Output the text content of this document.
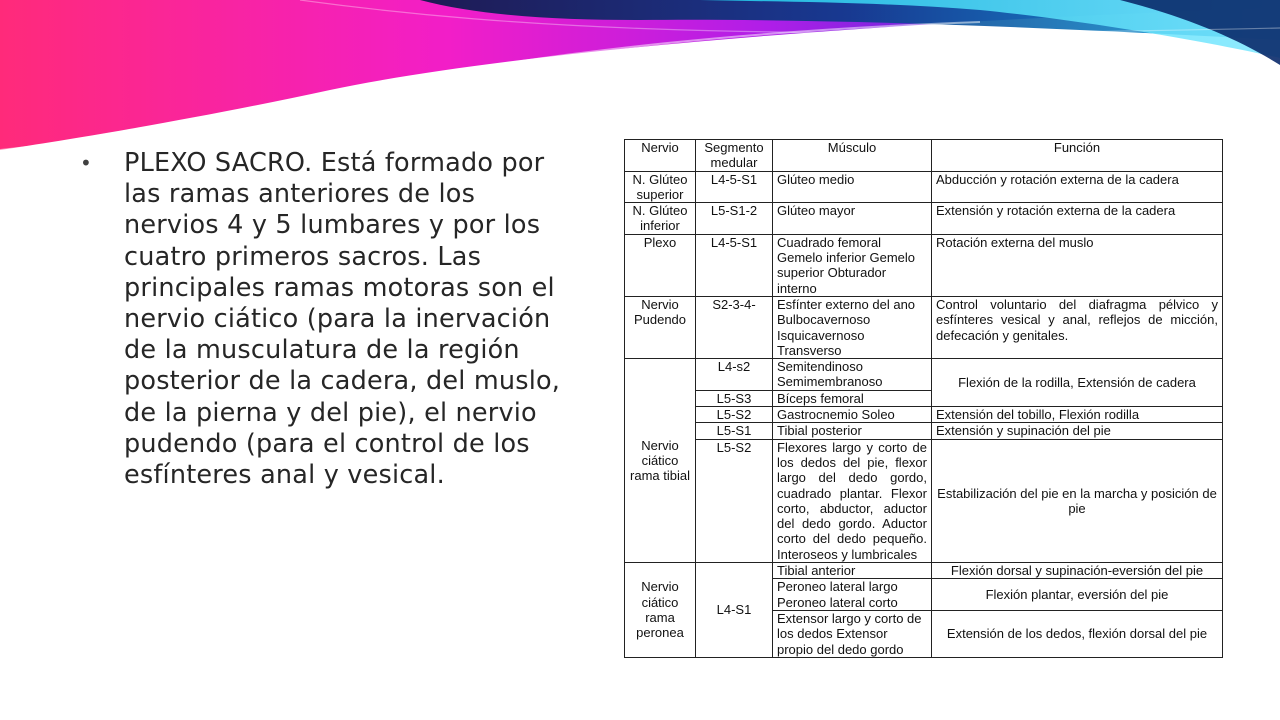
• PLEXO SACRO. Está formado por las ramas anteriores de los nervios 4 y 5 lumbares y por los cuatro primeros sacros. Las principales ramas motoras son el nervio ciático (para la inervación de la musculatura de la región posterior de la cadera, del muslo, de la pierna y del pie), el nervio pudendo (para el control de los esfínteres anal y vesical.
Nervio	Segmento medular	Músculo	Función
N. Glúteo superior	L4-5-S1	Glúteo medio	Abducción y rotación externa de la cadera
N. Glúteo inferior	L5-S1-2	Glúteo mayor	Extensión y rotación externa de la cadera
Plexo	L4-5-S1	Cuadrado femoral Gemelo inferior Gemelo superior Obturador interno	Rotación externa del muslo
Nervio Pudendo	S2-3-4-	Esfínter externo del ano Bulbocavernoso Isquicavernoso Transverso	Control voluntario del diafragma pélvico y esfínteres vesical y anal, reflejos de micción, defecación y genitales.
Nervio ciático rama tibial	L4-s2	Semitendinoso Semimembranoso	Flexión de la rodilla, Extensión de cadera
	L5-S3	Bíceps femoral	
	L5-S2	Gastrocnemio Soleo	Extensión del tobillo, Flexión rodilla
	L5-S1	Tibial posterior	Extensión y supinación del pie
	L5-S2	Flexores largo y corto de los dedos del pie, flexor largo del dedo gordo, cuadrado plantar. Flexor corto, abductor, aductor del dedo gordo. Aductor corto del dedo pequeño. Interoseos y lumbricales	Estabilización del pie en la marcha y posición de pie
Nervio ciático rama peronea	L4-S1	Tibial anterior	Flexión dorsal y supinación-eversión del pie
		Peroneo lateral largo Peroneo lateral corto	Flexión plantar, eversión del pie
		Extensor largo y corto de los dedos Extensor propio del dedo gordo	Extensión de los dedos, flexión dorsal del pie
